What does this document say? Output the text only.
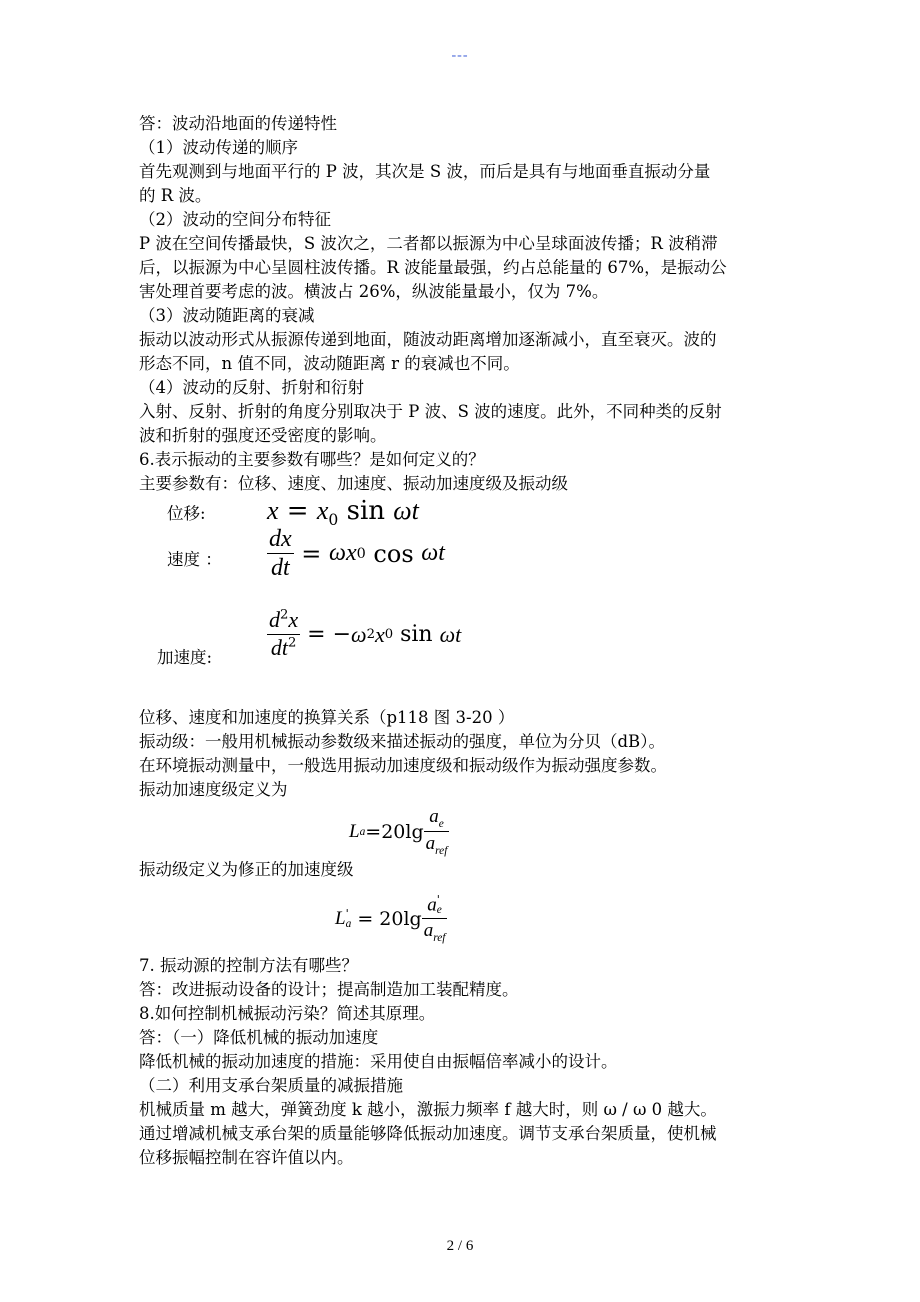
---
答：波动沿地面的传递特性
（1）波动传递的顺序
首先观测到与地面平行的 P 波，其次是 S 波，而后是具有与地面垂直振动分量
的 R 波。
（2）波动的空间分布特征
P 波在空间传播最快，S 波次之，二者都以振源为中心呈球面波传播；R 波稍滞
后，以振源为中心呈圆柱波传播。R 波能量最强，约占总能量的 67%，是振动公
害处理首要考虑的波。横波占 26%，纵波能量最小，仅为 7%。
（3）波动随距离的衰减
振动以波动形式从振源传递到地面，随波动距离增加逐渐减小，直至衰灭。波的
形态不同，n 值不同，波动随距离 r 的衰减也不同。
（4）波动的反射、折射和衍射
入射、反射、折射的角度分别取决于 P 波、S 波的速度。此外，不同种类的反射
波和折射的强度还受密度的影响。
6.表示振动的主要参数有哪些？是如何定义的？
主要参数有：位移、速度、加速度、振动加速度级及振动级
位移: $x = x_0$ sin ωt
速度 ： $\frac{dx}{dt} = \omega x$ 0 cos ωt
加速度: $\frac{d^2x}{dt^2}$ = − ω 2 x 0 sin ωt
位移、速度和加速度的换算关系（p118 图 3-20 ）
振动级：一般用机械振动参数级来描述振动的强度，单位为分贝（dB）。
在环境振动测量中，一般选用振动加速度级和振动级作为振动强度参数。
振动加速度级定义为
L $a =20\lg \frac{a_e}{a_{ref}}$
振动级定义为修正的加速度级
L '
a = 20lg a '
e
$a_{ref}$
7. 振动源的控制方法有哪些？
答：改进振动设备的设计；提高制造加工装配精度。
8.如何控制机械振动污染？简述其原理。
答：（一）降低机械的振动加速度
降低机械的振动加速度的措施：采用使自由振幅倍率减小的设计。
（二）利用支承台架质量的减振措施
机械质量 m 越大，弹簧劲度 k 越小，激振力频率 f 越大时，则 ω / ω 0 越大。
通过增减机械支承台架的质量能够降低振动加速度。调节支承台架质量，使机械
位移振幅控制在容许值以内。
2 / 6
